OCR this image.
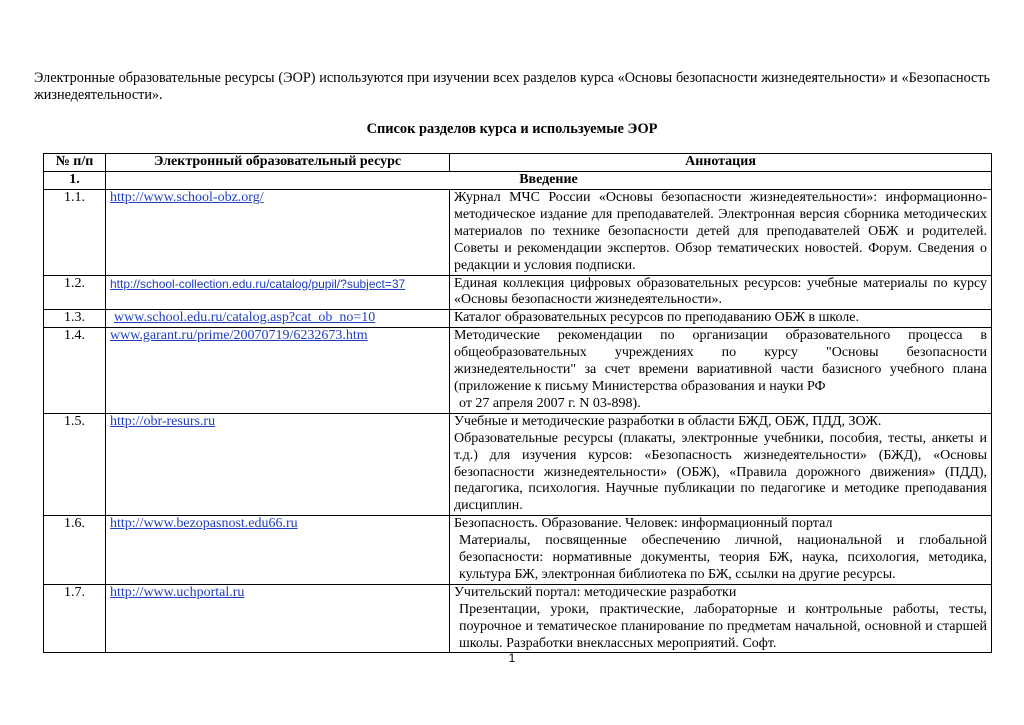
Электронные образовательные ресурсы (ЭОР) используются при изучении всех разделов курса «Основы безопасности жизнедеятельности» и «Безопасность жизнедеятельности».

Список разделов курса и используемые ЭОР
№ п/п	Электронный образовательный ресурс	Аннотация
1.	Введение	
1.1.	http://www.school-obz.org/	Журнал МЧС России «Основы безопасности жизнедеятельности»: информационно-методическое издание для преподавателей. Электронная версия сборника методических материалов по технике безопасности детей для преподавателей ОБЖ и родителей. Советы и рекомендации экспертов. Обзор тематических новостей. Форум. Сведения о редакции и условия подписки.

1.2.	http://school-collection.edu.ru/catalog/pupil/?subject=37	Единая коллекция цифровых образовательных ресурсов: учебные материалы по курсу «Основы безопасности жизнедеятельности».

1.3.	www.school.edu.ru/catalog.asp?cat_ob_no=10	Каталог образовательных ресурсов по преподаванию ОБЖ в школе.

1.4.	www.garant.ru/prime/20070719/6232673.htm	Методические рекомендации по организации образовательного процесса в общеобразовательных учреждениях по курсу "Основы безопасности жизнедеятельности" за счет времени вариативной части базисного учебного плана (приложение к письму Министерства образования и науки РФ
от 27 апреля 2007 г. N 03-898).

1.5.	http://obr-resurs.ru	Учебные и методические разработки в области БЖД, ОБЖ, ПДД, ЗОЖ.
Образовательные ресурсы (плакаты, электронные учебники, пособия, тесты, анкеты и т.д.) для изучения курсов: «Безопасность жизнедеятельности» (БЖД), «Основы безопасности жизнедеятельности» (ОБЖ), «Правила дорожного движения» (ПДД), педагогика, психология. Научные публикации по педагогике и методике преподавания дисциплин.

1.6.	http://www.bezopasnost.edu66.ru	Безопасность. Образование. Человек: информационный портал
Материалы, посвященные обеспечению личной, национальной и глобальной безопасности: нормативные документы, теория БЖ, наука, психология, методика, культура БЖ, электронная библиотека по БЖ, ссылки на другие ресурсы.

1.7.	http://www.uchportal.ru	Учительский портал: методические разработки
Презентации, уроки, практические, лабораторные и контрольные работы, тесты, поурочное и тематическое планирование по предметам начальной, основной и старшей школы. Разработки внеклассных мероприятий. Софт.
1
